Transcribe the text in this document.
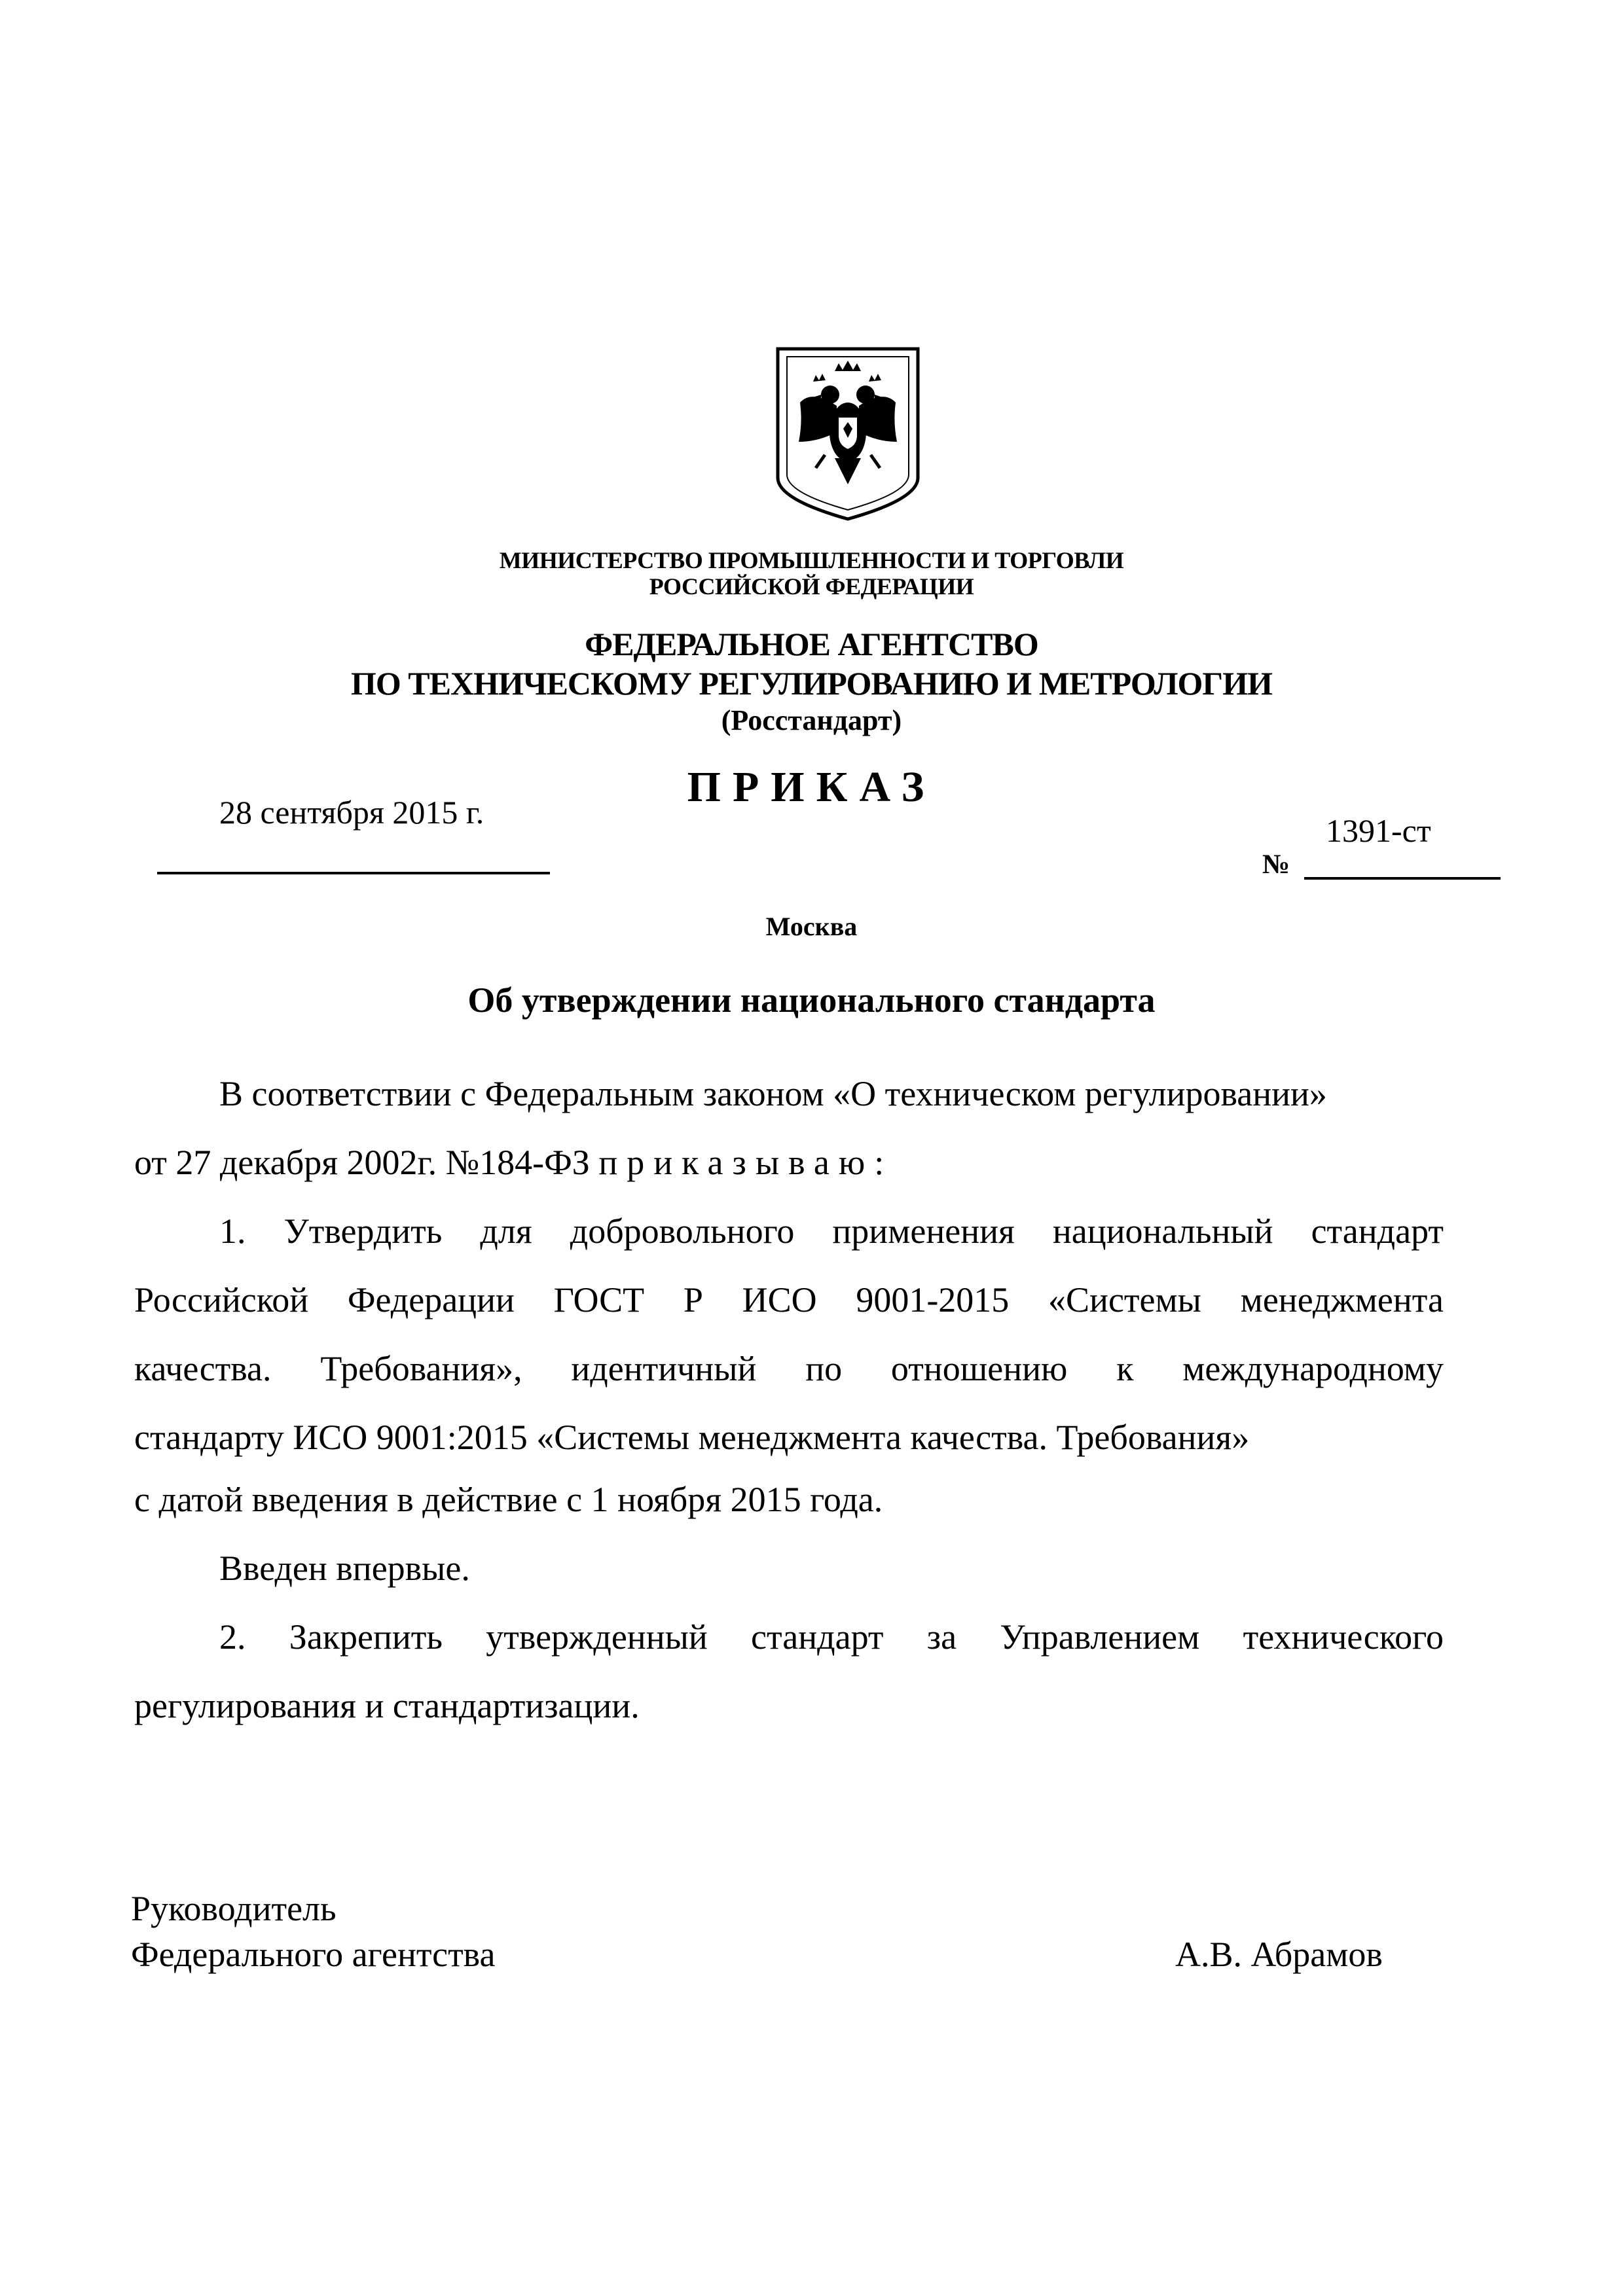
МИНИСТЕРСТВО ПРОМЫШЛЕННОСТИ И ТОРГОВЛИ
РОССИЙСКОЙ ФЕДЕРАЦИИ
ФЕДЕРАЛЬНОЕ АГЕНТСТВО
ПО ТЕХНИЧЕСКОМУ РЕГУЛИРОВАНИЮ И МЕТРОЛОГИИ
(Росстандарт)
ПРИКАЗ
28 сентября 2015 г.	1391-ст
№
Москва
Об утверждении национального стандарта
В соответствии с Федеральным законом «О техническом регулировании»
от 27 декабря 2002г. №184-ФЗ приказываю:
1. Утвердить для добровольного применения национальный стандарт
Российской Федерации ГОСТ Р ИСО 9001-2015 «Системы менеджмента
качества. Требования», идентичный по отношению к международному
стандарту ИСО 9001:2015 «Системы менеджмента качества. Требования»
с датой введения в действие с 1 ноября 2015 года.
Введен впервые.
2. Закрепить утвержденный стандарт за Управлением технического
регулирования и стандартизации.
Руководитель
Федерального агентства	А.В. Абрамов
